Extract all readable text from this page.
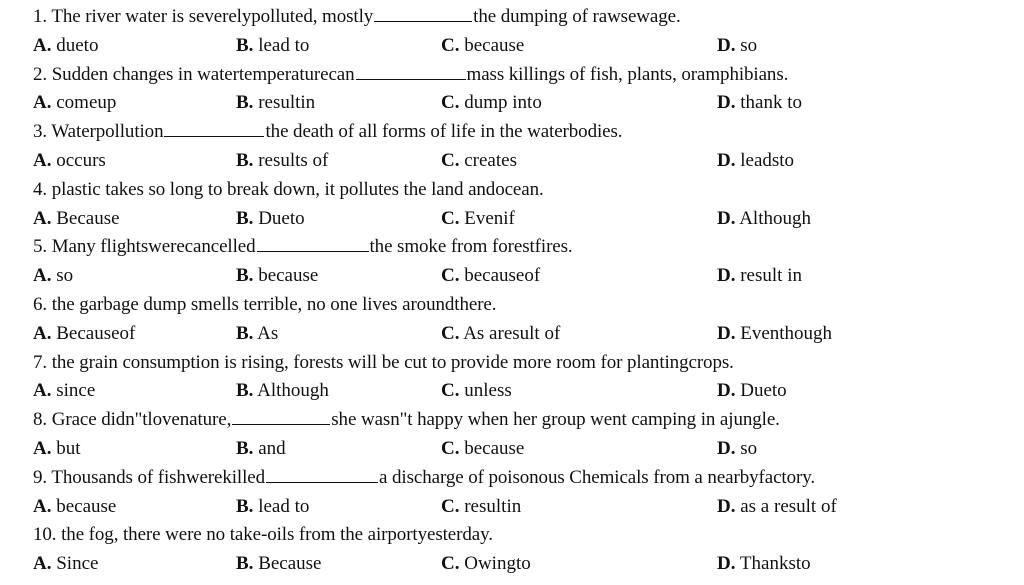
1. The river water is severelypolluted, mostly	the dumping of rawsewage.
A. dueto	B. lead to	C. because	D. so
2. Sudden changes in watertemperaturecan	mass killings of fish, plants, oramphibians.
A. comeup	B. resultin	C. dump into	D. thank to
3. Waterpollution	the death of all forms of life in the waterbodies.
A. occurs	B. results of	C. creates	D. leadsto
4. plastic takes so long to break down, it pollutes the land andocean.
A. Because	B. Dueto	C. Evenif	D. Although
5. Many flightswerecancelled	the smoke from forestfires.
A. so	B. because	C. becauseof	D. result in
6. the garbage dump smells terrible, no one lives aroundthere.
A. Becauseof	B. As	C. As aresult of	D. Eventhough
7. the grain consumption is rising, forests will be cut to provide more room for plantingcrops.
A. since	B. Although	C. unless	D. Dueto
8. Grace didn"tlovenature,	she wasn"t happy when her group went camping in ajungle.
A. but	B. and	C. because	D. so
9. Thousands of fishwerekilled	a discharge of poisonous Chemicals from a nearbyfactory.
A. because	B. lead to	C. resultin	D. as a result of
10. the fog, there were no take-oils from the airportyesterday.
A. Since	B. Because	C. Owingto	D. Thanksto
